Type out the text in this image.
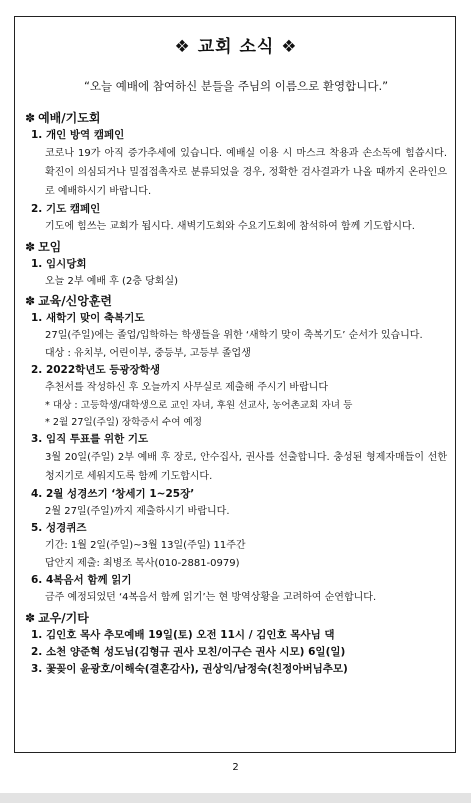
❖ 교회 소식 ❖
“오늘 예배에 참여하신 분들을 주님의 이름으로 환영합니다.”
✽ 예배/기도회
1. 개인 방역 캠페인
코로나 19가 아직 증가추세에 있습니다. 예배실 이용 시 마스크 착용과 손소독에 힘씁시다. 확진이 의심되거나 밀접접촉자로 분류되었을 경우, 정확한 검사결과가 나올 때까지 온라인으로 예배하시기 바랍니다.
2. 기도 캠페인
기도에 힘쓰는 교회가 됩시다. 새벽기도회와 수요기도회에 참석하여 함께 기도합시다.
✽ 모임
1. 임시당회
오늘 2부 예배 후 (2층 당회실)
✽ 교육/신앙훈련
1. 새학기 맞이 축복기도
27일(주일)에는 졸업/입학하는 학생들을 위한 ‘새학기 맞이 축복기도’ 순서가 있습니다.
대상 : 유치부, 어린이부, 중등부, 고등부 졸업생
2. 2022학년도 등광장학생
추천서를 작성하신 후 오늘까지 사무실로 제출해 주시기 바랍니다
* 대상 : 고등학생/대학생으로 교인 자녀, 후원 선교사, 농어촌교회 자녀 등
* 2월 27일(주일) 장학증서 수여 예정
3. 임직 투표를 위한 기도
3월 20일(주일) 2부 예배 후 장로, 안수집사, 권사를 선출합니다. 충성된 형제자매들이 선한 청지기로 세워지도록 함께 기도합시다.
4. 2월 성경쓰기 ‘창세기 1~25장’
2월 27일(주일)까지 제출하시기 바랍니다.
5. 성경퀴즈
기간: 1월 2일(주일)~3월 13일(주일) 11주간
답안지 제출: 최병조 목사(010-2881-0979)
6. 4복음서 함께 읽기
금주 예정되었던 ‘4복음서 함께 읽기’는 현 방역상황을 고려하여 순연합니다.
✽ 교우/기타
1. 김인호 목사 추모예배 19일(토) 오전 11시 / 김인호 목사님 댁
2. 소천 양준혁 성도님(김형규 권사 모친/이구슨 권사 시모) 6일(일)
3. 꽃꽂이 윤광호/이해숙(결혼감사), 권상익/남정숙(친정아버님추모)
2
